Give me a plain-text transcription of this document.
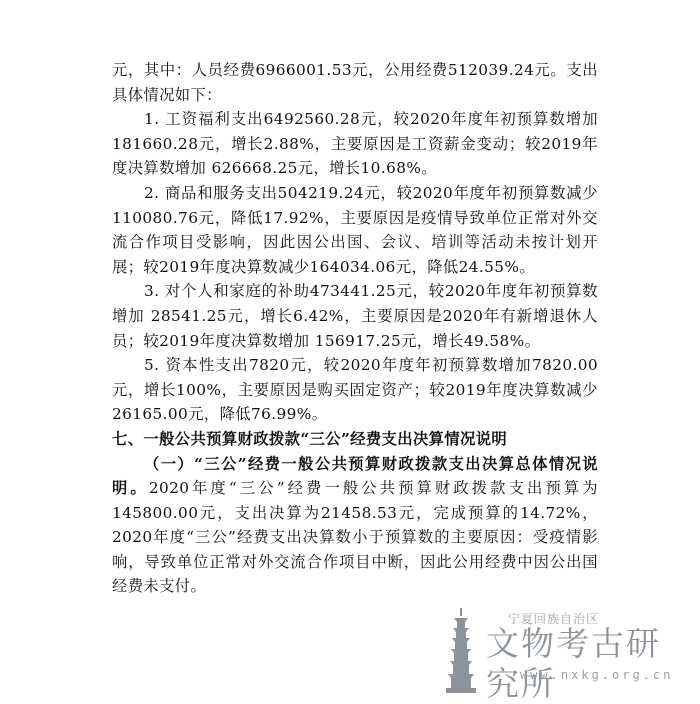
元，其中：人员经费6966001.53元，公用经费512039.24元。支出具体情况如下：

1. 工资福利支出6492560.28元，较2020年度年初预算数增加 181660.28元，增长2.88%，主要原因是工资薪金变动；较2019年度决算数增加 626668.25元，增长10.68%。

2. 商品和服务支出504219.24元，较2020年度年初预算数减少110080.76元，降低17.92%，主要原因是疫情导致单位正常对外交流合作项目受影响，因此因公出国、会议、培训等活动未按计划开展；较2019年度决算数减少164034.06元，降低24.55%。

3. 对个人和家庭的补助473441.25元，较2020年度年初预算数增加 28541.25元，增长6.42%，主要原因是2020年有新增退休人员；较2019年度决算数增加 156917.25元，增长49.58%。

5. 资本性支出7820元，较2020年度年初预算数增加7820.00元，增长100%，主要原因是购买固定资产；较2019年度决算数减少26165.00元，降低76.99%。

七、一般公共预算财政拨款“三公”经费支出决算情况说明

（一）“三公”经费一般公共预算财政拨款支出决算总体情况说明。2020年度“三公”经费一般公共预算财政拨款支出预算为145800.00元，支出决算为21458.53元，完成预算的14.72%，2020年度“三公”经费支出决算数小于预算数的主要原因：受疫情影响，导致单位正常对外交流合作项目中断，因此公用经费中因公出国经费未支付。

宁夏回族自治区
文物考古研究所
www.nxkg.org.cn
